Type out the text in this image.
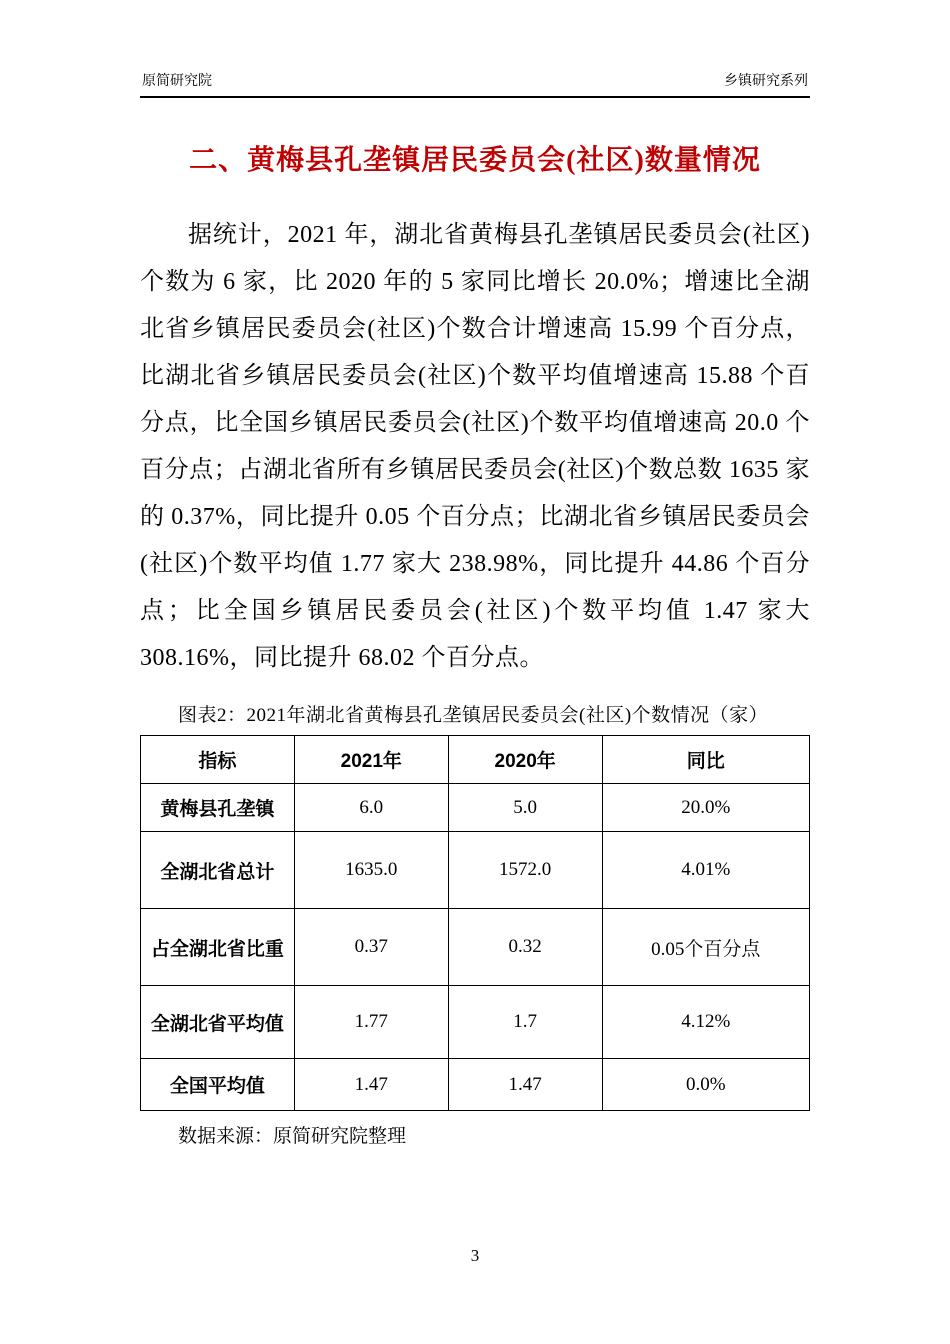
原简研究院	乡镇研究系列
二、黄梅县孔垄镇居民委员会(社区)数量情况
据统计，2021 年，湖北省黄梅县孔垄镇居民委员会(社区)个数为 6 家，比 2020 年的 5 家同比增长 20.0%；增速比全湖北省乡镇居民委员会(社区)个数合计增速高 15.99 个百分点，比湖北省乡镇居民委员会(社区)个数平均值增速高 15.88 个百分点，比全国乡镇居民委员会(社区)个数平均值增速高 20.0 个百分点；占湖北省所有乡镇居民委员会(社区)个数总数 1635 家的 0.37%，同比提升 0.05 个百分点；比湖北省乡镇居民委员会(社区)个数平均值 1.77 家大 238.98%，同比提升 44.86 个百分点；比全国乡镇居民委员会(社区)个数平均值 1.47 家大 308.16%，同比提升 68.02 个百分点。
图表2：2021年湖北省黄梅县孔垄镇居民委员会(社区)个数情况（家）
指标	2021年	2020年	同比
黄梅县孔垄镇	6.0	5.0	20.0%
全湖北省总计	1635.0	1572.0	4.01%
占全湖北省比重	0.37	0.32	0.05个百分点
全湖北省平均值	1.77	1.7	4.12%
全国平均值	1.47	1.47	0.0%
数据来源：原简研究院整理
3
